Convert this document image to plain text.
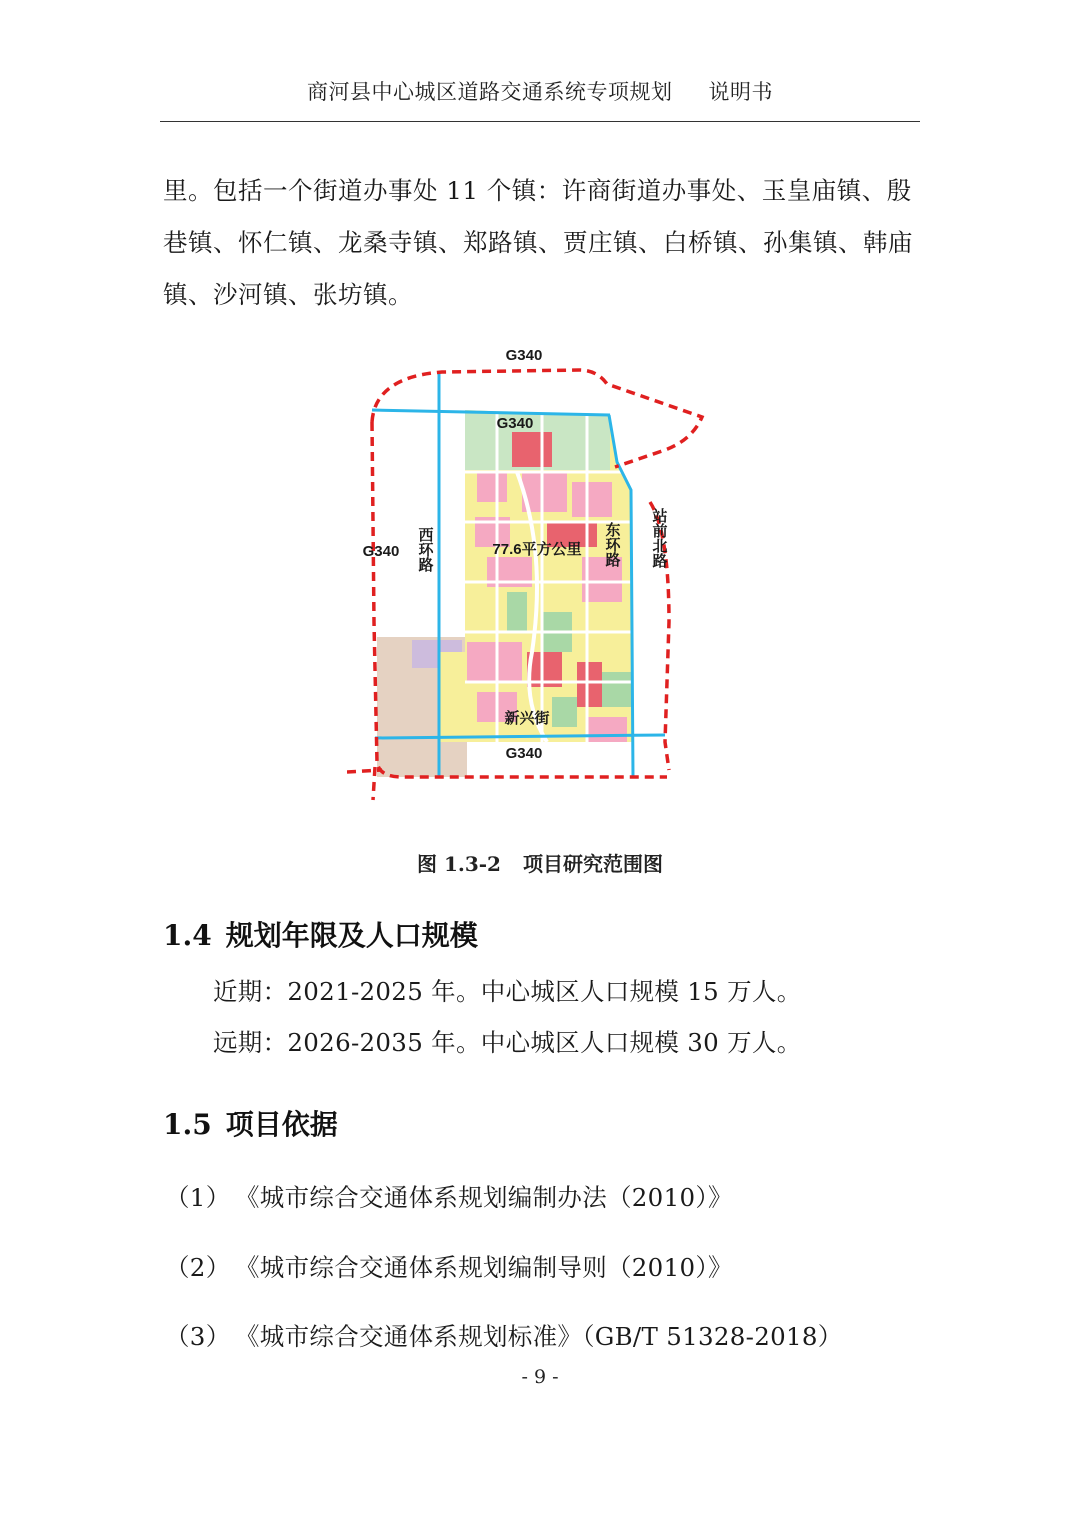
商河县中心城区道路交通系统专项规划 说明书

里。包括一个街道办事处 11 个镇：许商街道办事处、玉皇庙镇、殷

巷镇、怀仁镇、龙桑寺镇、郑路镇、贾庄镇、白桥镇、孙集镇、韩庙

镇、沙河镇、张坊镇。

G340
G340
G340
G340
77.6平方公里
新兴街
西环路	东环路 站前北路
图 1.3-2 项目研究范围图
1.4 规划年限及人口规模
近期：2021-2025 年。中心城区人口规模 15 万人。
远期：2026-2035 年。中心城区人口规模 30 万人。
1.5 项目依据
（1） 《城市综合交通体系规划编制办法（2010）》
（2） 《城市综合交通体系规划编制导则（2010）》
（3） 《城市综合交通体系规划标准》（GB/T 51328-2018）
- 9 -
